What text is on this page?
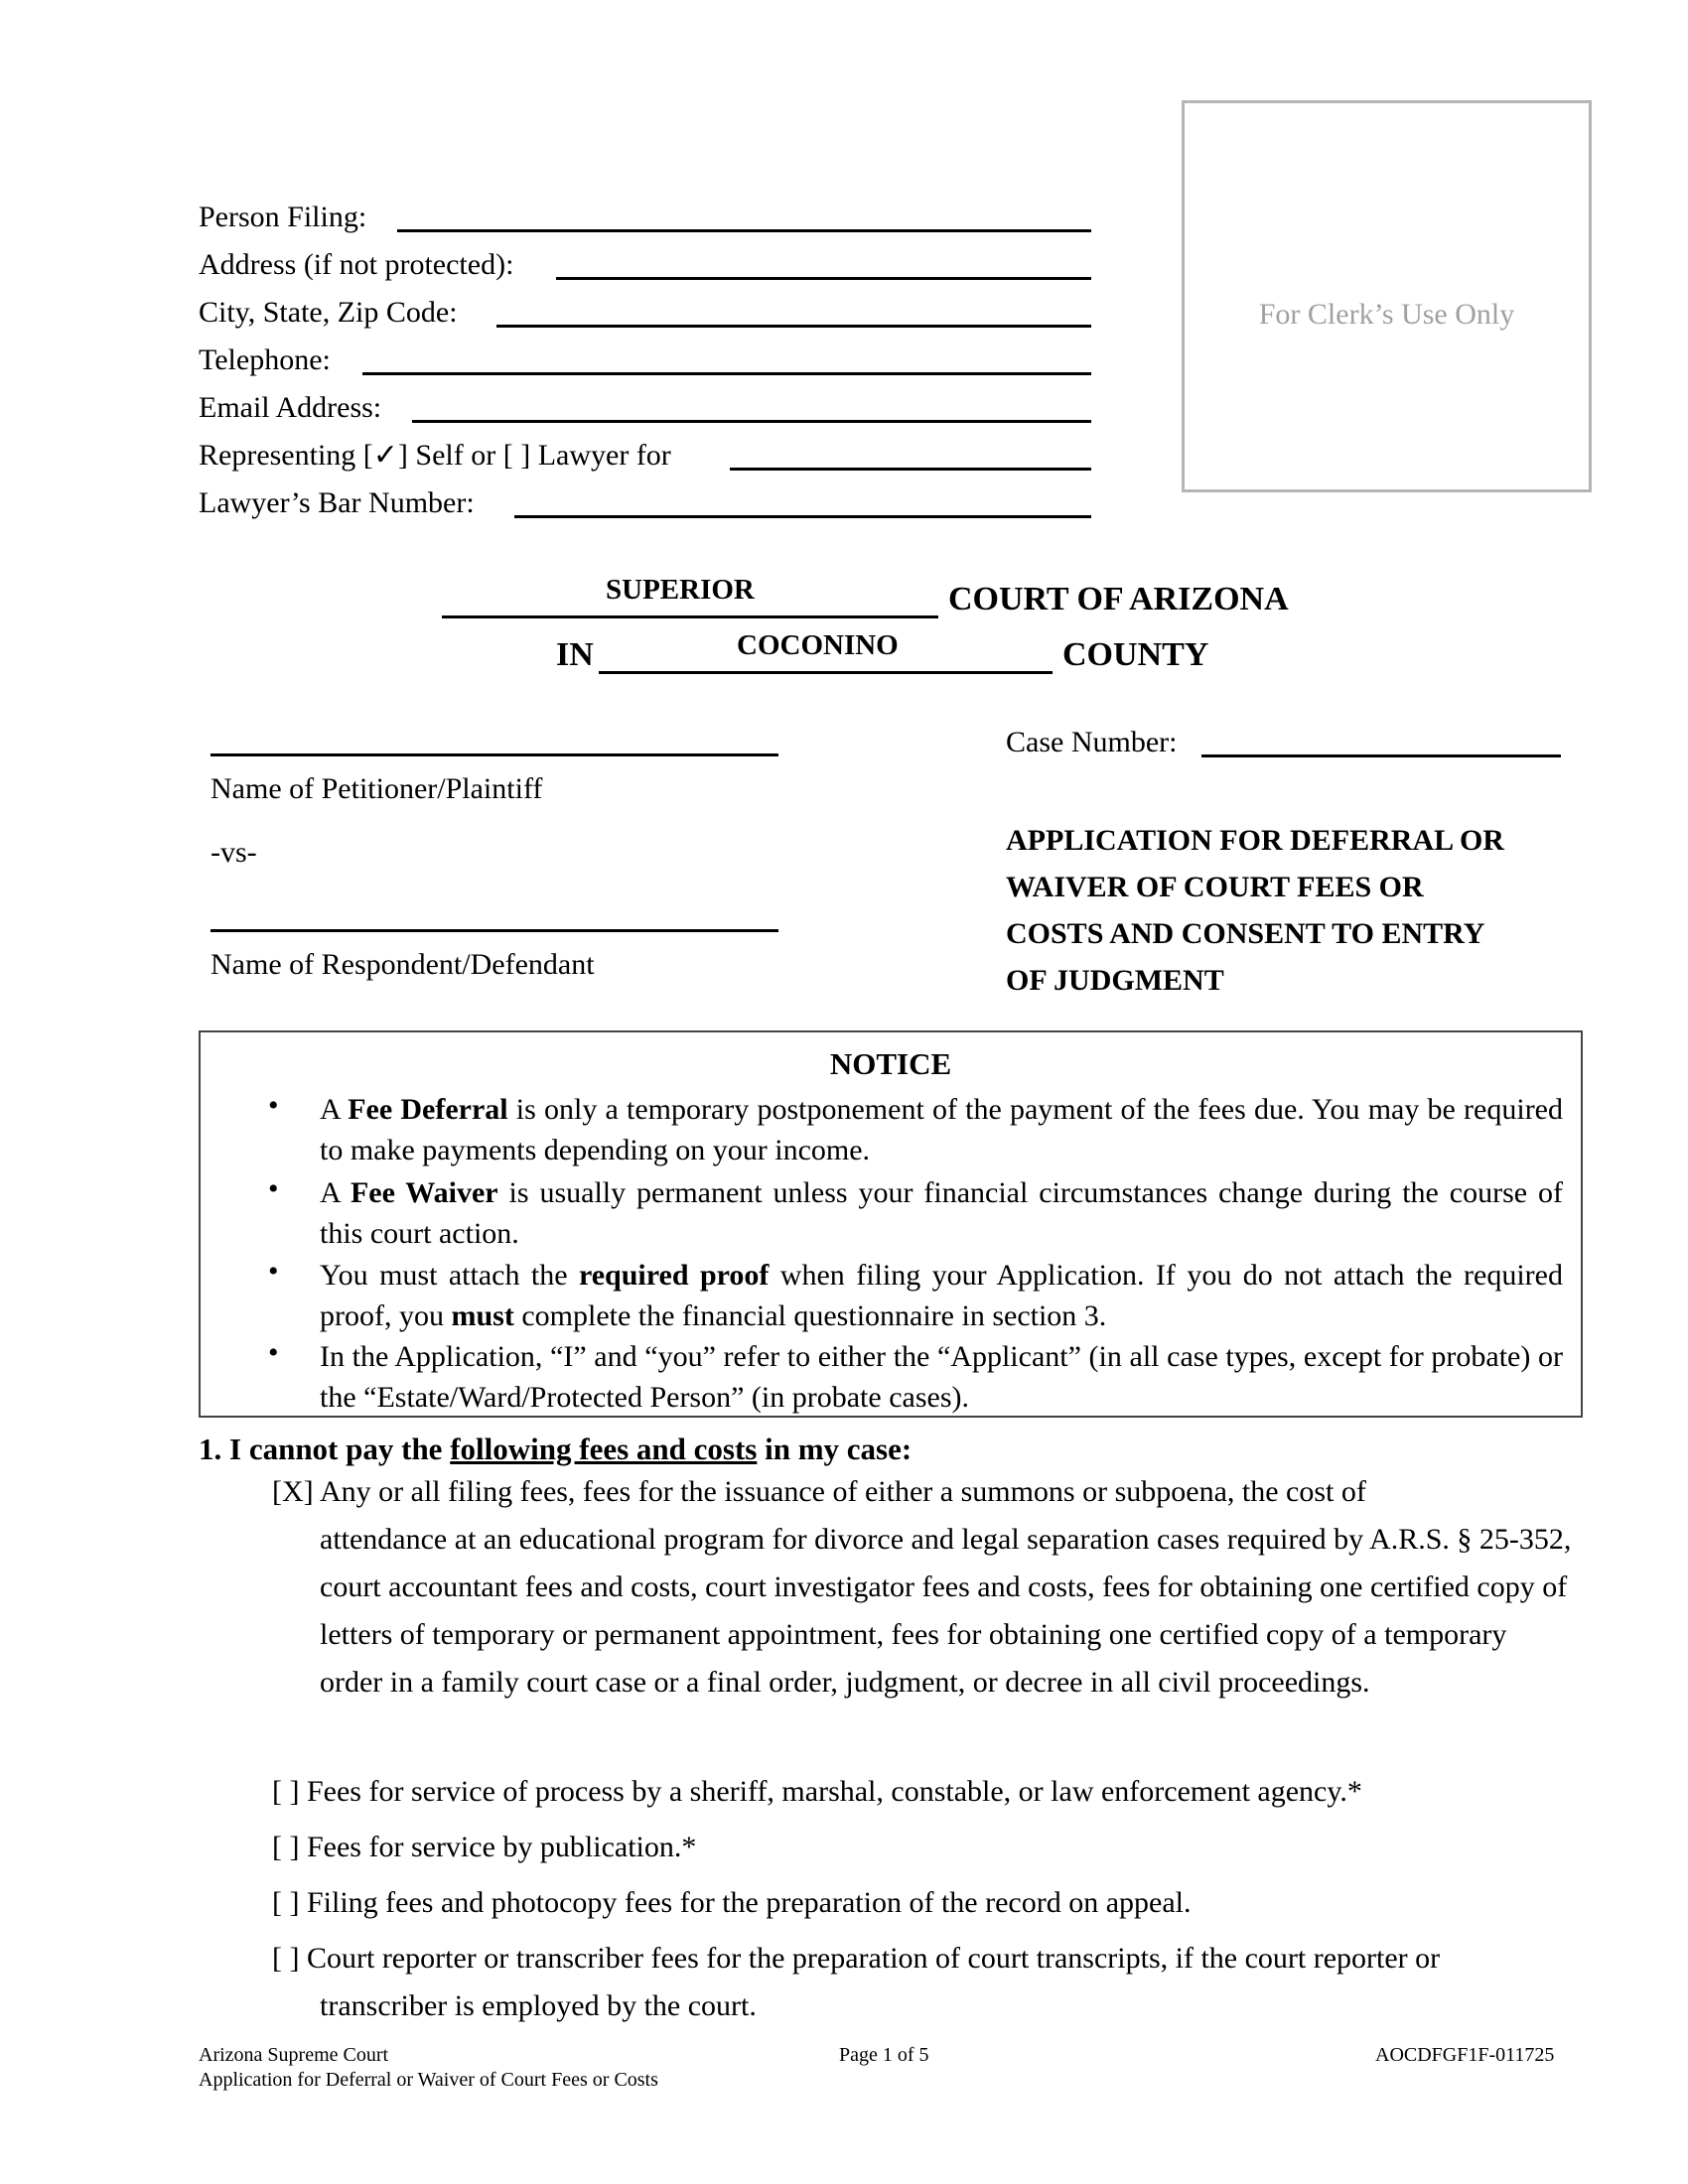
Person Filing:
Address (if not protected):
City, State, Zip Code:
Telephone:
Email Address:
Representing [✓] Self or [ ] Lawyer for
Lawyer’s Bar Number:
For Clerk’s Use Only
SUPERIOR	COURT OF ARIZONA
IN	COCONINO	COUNTY
Name of Petitioner/Plaintiff
-vs-
Name of Respondent/Defendant
Case Number:
APPLICATION FOR DEFERRAL OR
WAIVER OF COURT FEES OR
COSTS AND CONSENT TO ENTRY
OF JUDGMENT
NOTICE
• A Fee Deferral is only a temporary postponement of the payment of the fees due. You may be required to make payments depending on your income.
• A Fee Waiver is usually permanent unless your financial circumstances change during the course of this court action.
• You must attach the required proof when filing your Application. If you do not attach the required proof, you must complete the financial questionnaire in section 3.
• In the Application, “I” and “you” refer to either the “Applicant” (in all case types, except for probate) or the “Estate/Ward/Protected Person” (in probate cases).
1. I cannot pay the following fees and costs in my case:
[X] Any or all filing fees, fees for the issuance of either a summons or subpoena, the cost of
attendance at an educational program for divorce and legal separation cases required by A.R.S. § 25-352, court accountant fees and costs, court investigator fees and costs, fees for obtaining one certified copy of letters of temporary or permanent appointment, fees for obtaining one certified copy of a temporary order in a family court case or a final order, judgment, or decree in all civil proceedings.
[ ] Fees for service of process by a sheriff, marshal, constable, or law enforcement agency.*
[ ] Fees for service by publication.*
[ ] Filing fees and photocopy fees for the preparation of the record on appeal.
[ ] Court reporter or transcriber fees for the preparation of court transcripts, if the court reporter or
transcriber is employed by the court.
Arizona Supreme Court
Application for Deferral or Waiver of Court Fees or Costs
Page 1 of 5	AOCDFGF1F-011725
